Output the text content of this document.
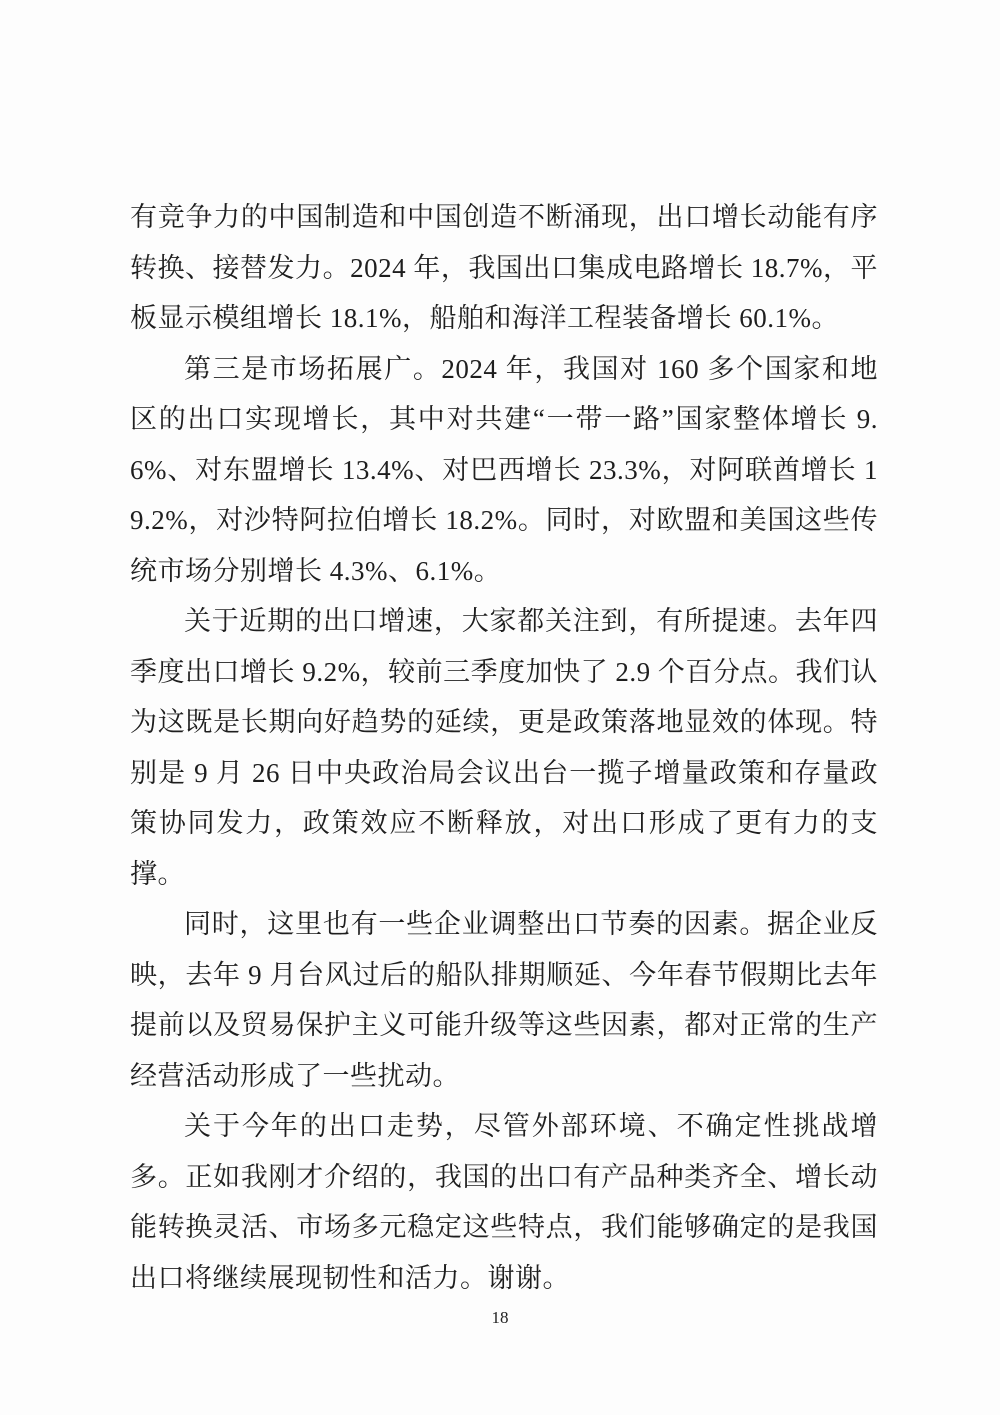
有竞争力的中国制造和中国创造不断涌现，出口增长动能有序转换、接替发力。2024 年，我国出口集成电路增长 18.7%，平板显示模组增长 18.1%，船舶和海洋工程装备增长 60.1%。

第三是市场拓展广。2024 年，我国对 160 多个国家和地区的出口实现增长，其中对共建“一带一路”国家整体增长 9.6%、对东盟增长 13.4%、对巴西增长 23.3%，对阿联酋增长 19.2%，对沙特阿拉伯增长 18.2%。同时，对欧盟和美国这些传统市场分别增长 4.3%、6.1%。

关于近期的出口增速，大家都关注到，有所提速。去年四季度出口增长 9.2%，较前三季度加快了 2.9 个百分点。我们认为这既是长期向好趋势的延续，更是政策落地显效的体现。特别是 9 月 26 日中央政治局会议出台一揽子增量政策和存量政策协同发力，政策效应不断释放，对出口形成了更有力的支撑。

同时，这里也有一些企业调整出口节奏的因素。据企业反映，去年 9 月台风过后的船队排期顺延、今年春节假期比去年提前以及贸易保护主义可能升级等这些因素，都对正常的生产经营活动形成了一些扰动。

关于今年的出口走势，尽管外部环境、不确定性挑战增多。正如我刚才介绍的，我国的出口有产品种类齐全、增长动能转换灵活、市场多元稳定这些特点，我们能够确定的是我国出口将继续展现韧性和活力。谢谢。

18
